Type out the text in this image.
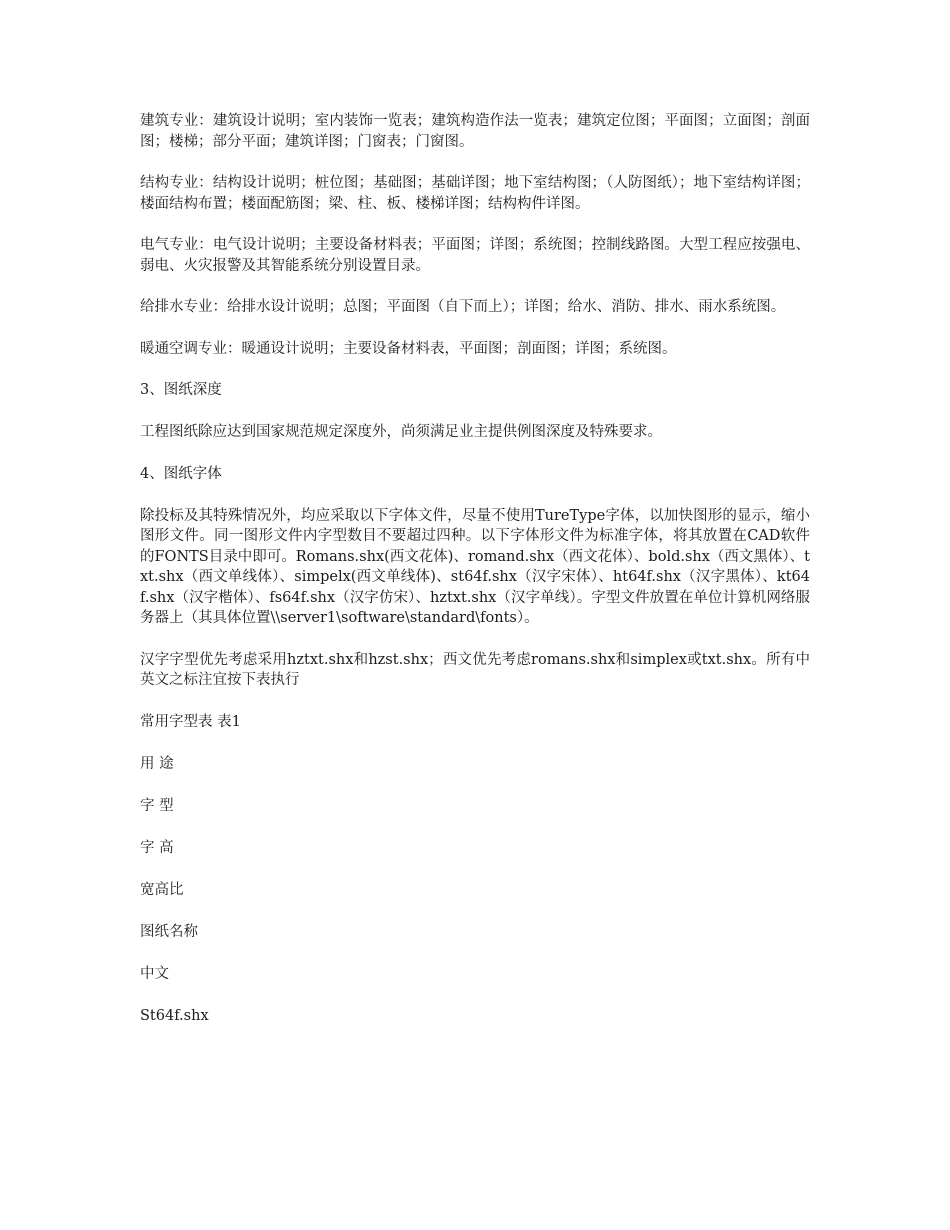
建筑专业：建筑设计说明；室内装饰一览表；建筑构造作法一览表；建筑定位图；平面图；立面图；剖面图；楼梯；部分平面；建筑详图；门窗表；门窗图。

结构专业：结构设计说明；桩位图；基础图；基础详图；地下室结构图；（人防图纸）；地下室结构详图；楼面结构布置；楼面配筋图；梁、柱、板、楼梯详图；结构构件详图。

电气专业：电气设计说明；主要设备材料表；平面图；详图；系统图；控制线路图。大型工程应按强电、弱电、火灾报警及其智能系统分别设置目录。

给排水专业：给排水设计说明；总图；平面图（自下而上）；详图；给水、消防、排水、雨水系统图。

暖通空调专业：暖通设计说明；主要设备材料表，平面图；剖面图；详图；系统图。

3、图纸深度

工程图纸除应达到国家规范规定深度外，尚须满足业主提供例图深度及特殊要求。

4、图纸字体

除投标及其特殊情况外，均应采取以下字体文件，尽量不使用TureType字体，以加快图形的显示，缩小图形文件。同一图形文件内字型数目不要超过四种。以下字体形文件为标准字体，将其放置在CAD软件的FONTS目录中即可。Romans.shx(西文花体)、romand.shx（西文花体）、bold.shx（西文黑体）、txt.shx（西文单线体）、simpelx(西文单线体)、st64f.shx（汉字宋体）、ht64f.shx（汉字黑体）、kt64f.shx（汉字楷体）、fs64f.shx（汉字仿宋）、hztxt.shx（汉字单线）。字型文件放置在单位计算机网络服务器上（其具体位置\\server1\software\standard\fonts）。

汉字字型优先考虑采用hztxt.shx和hzst.shx；西文优先考虑romans.shx和simplex或txt.shx。所有中英文之标注宜按下表执行

常用字型表 表1

用 途

字 型

字 高

宽高比

图纸名称

中文

St64f.shx
